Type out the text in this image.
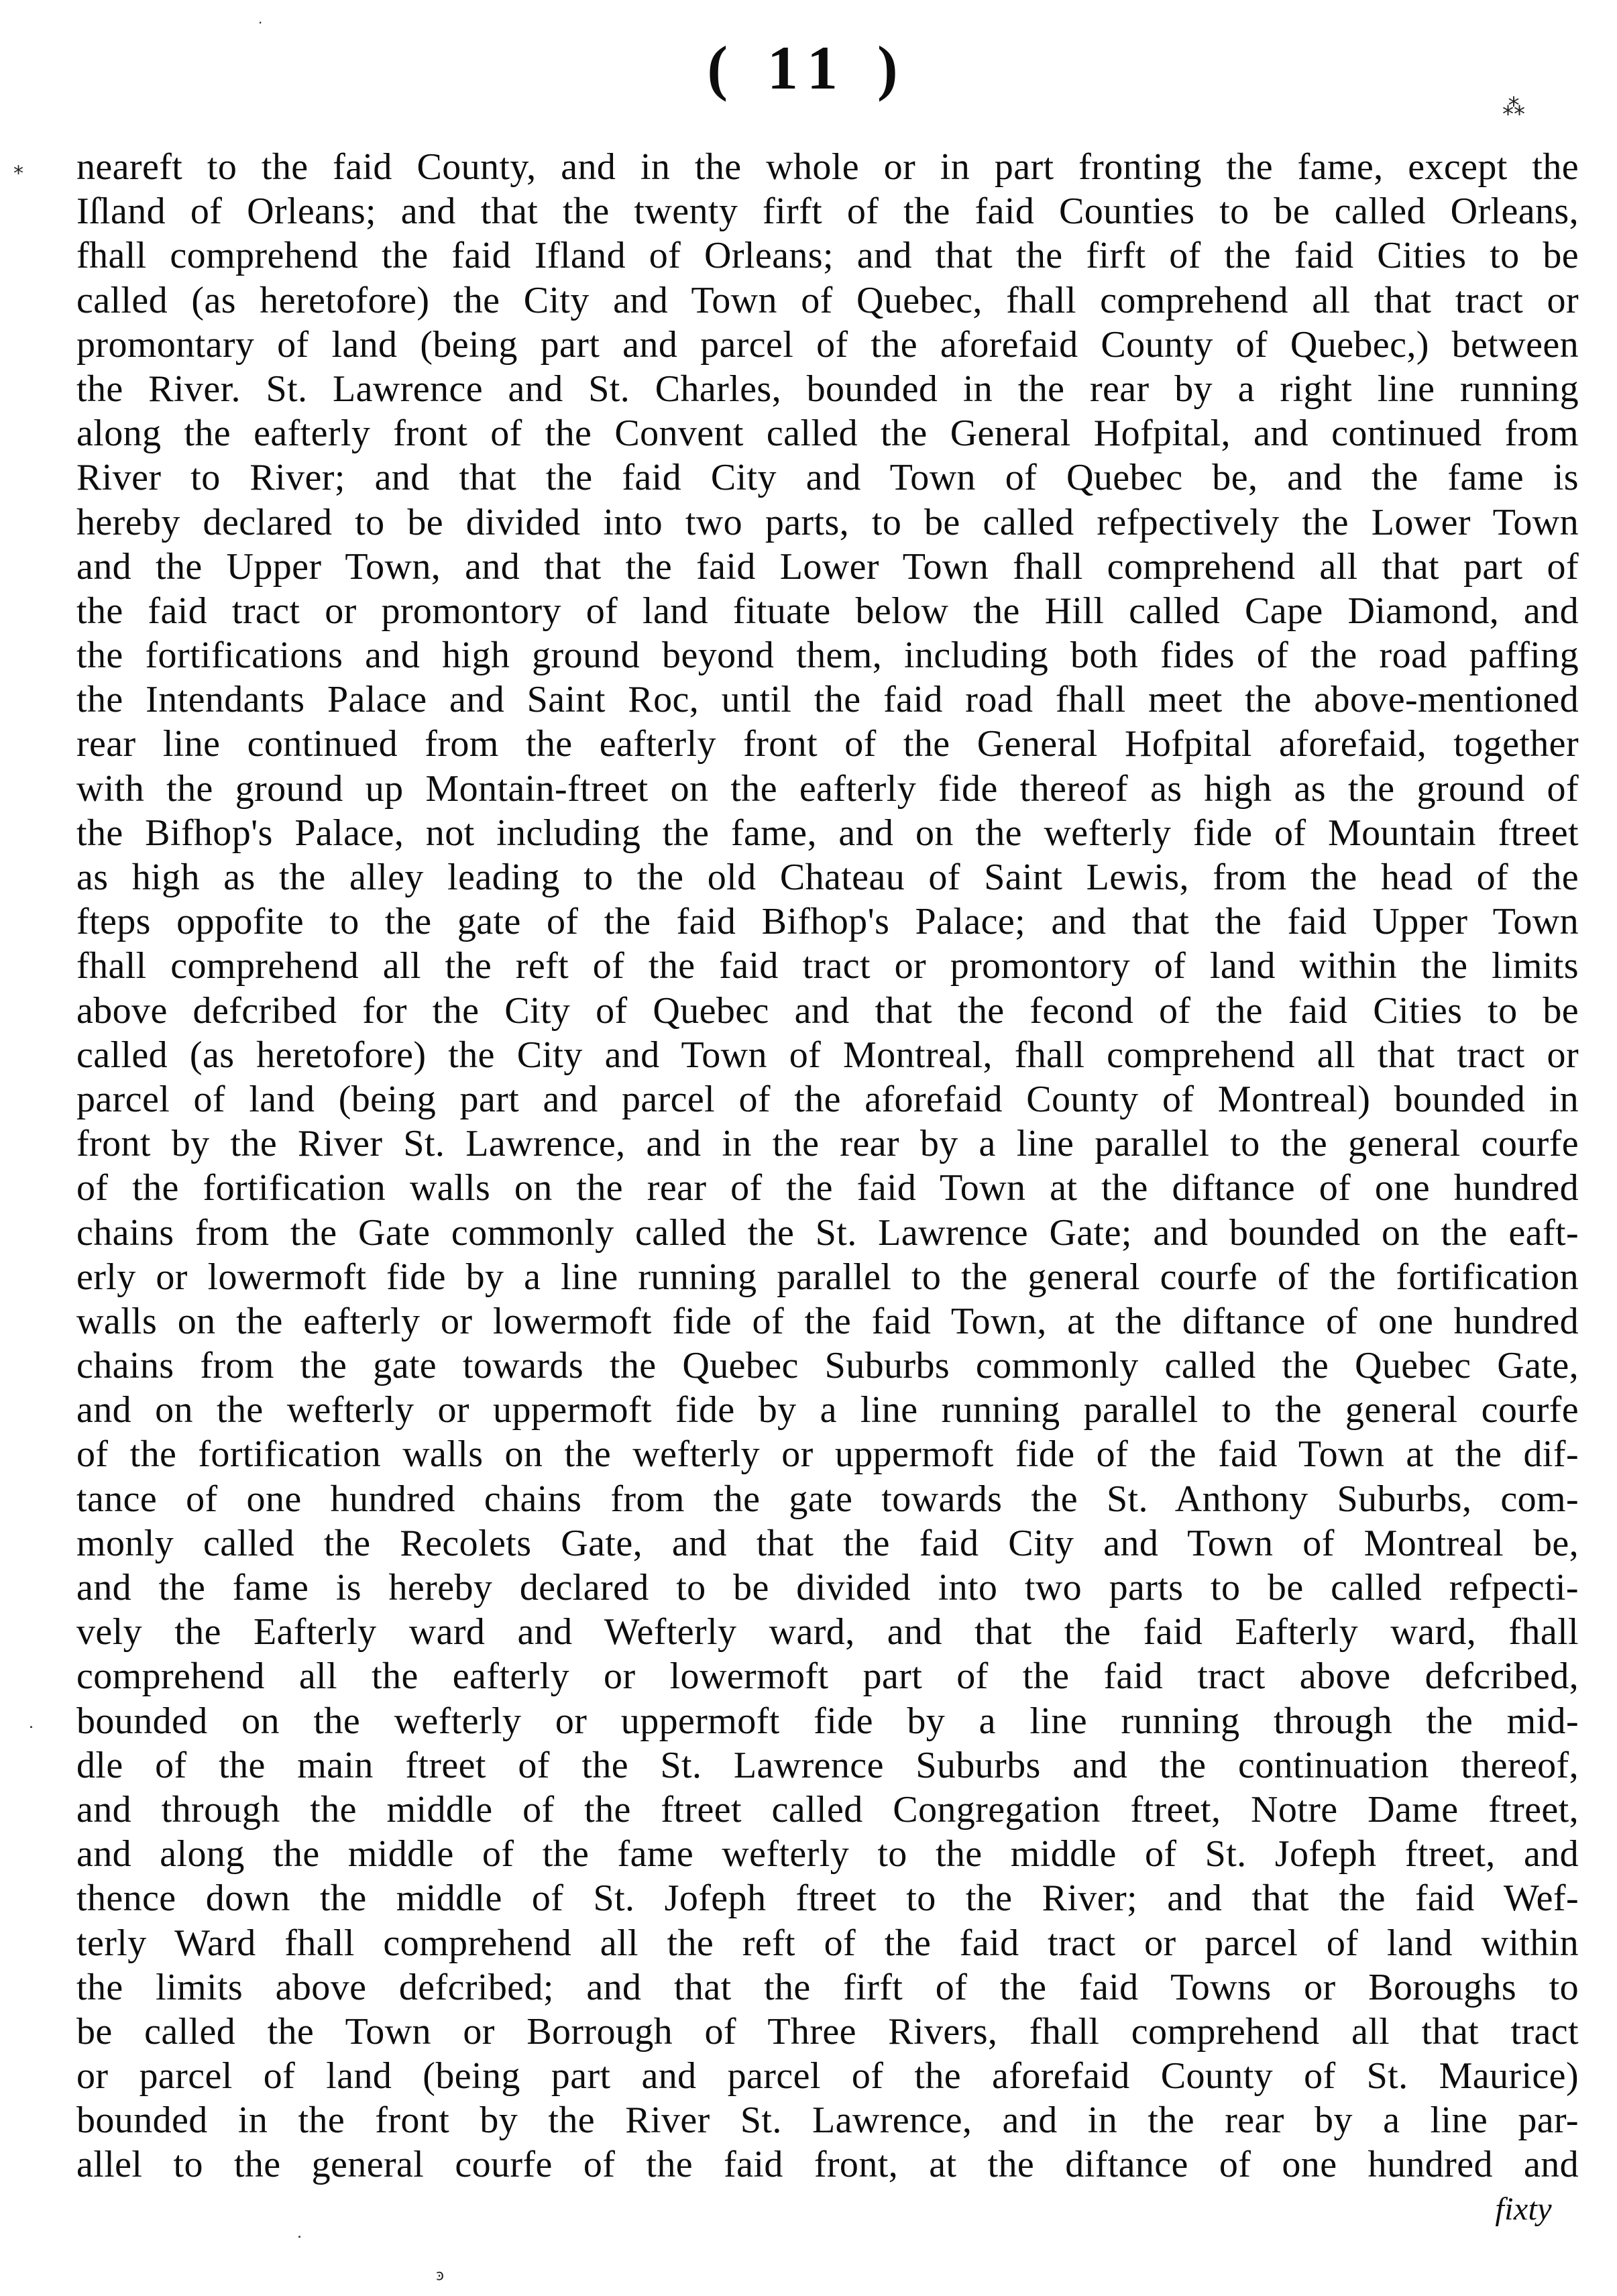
( 11 )
neareft to the faid County, and in the whole or in part fronting the fame, except the
Iſland of Orleans; and that the twenty firft of the faid Counties to be called Orleans,
fhall comprehend the faid Ifland of Orleans; and that the firft of the faid Cities to be
called (as heretofore) the City and Town of Quebec, fhall comprehend all that tract or
promontary of land (being part and parcel of the aforefaid County of Quebec,) between
the River. St. Lawrence and St. Charles, bounded in the rear by a right line running
along the eafterly front of the Convent called the General Hofpital, and continued from
River to River; and that the faid City and Town of Quebec be, and the fame is
hereby declared to be divided into two parts, to be called refpectively the Lower Town
and the Upper Town, and that the faid Lower Town fhall comprehend all that part of
the faid tract or promontory of land fituate below the Hill called Cape Diamond, and
the fortifications and high ground beyond them, including both fides of the road paffing
the Intendants Palace and Saint Roc, until the faid road fhall meet the above-mentioned
rear line continued from the eafterly front of the General Hofpital aforefaid, together
with the ground up Montain-ftreet on the eafterly fide thereof as high as the ground of
the Bifhop's Palace, not including the fame, and on the wefterly fide of Mountain ftreet
as high as the alley leading to the old Chateau of Saint Lewis, from the head of the
fteps oppofite to the gate of the faid Bifhop's Palace; and that the faid Upper Town
fhall comprehend all the reft of the faid tract or promontory of land within the limits
above defcribed for the City of Quebec and that the fecond of the faid Cities to be
called (as heretofore) the City and Town of Montreal, fhall comprehend all that tract or
parcel of land (being part and parcel of the aforefaid County of Montreal) bounded in
front by the River St. Lawrence, and in the rear by a line parallel to the general courfe
of the fortification walls on the rear of the faid Town at the diftance of one hundred
chains from the Gate commonly called the St. Lawrence Gate; and bounded on the eaft-
erly or lowermoft fide by a line running parallel to the general courfe of the fortification
walls on the eafterly or lowermoft fide of the faid Town, at the diftance of one hundred
chains from the gate towards the Quebec Suburbs commonly called the Quebec Gate,
and on the wefterly or uppermoft fide by a line running parallel to the general courfe
of the fortification walls on the wefterly or uppermoft fide of the faid Town at the dif-
tance of one hundred chains from the gate towards the St. Anthony Suburbs, com-
monly called the Recolets Gate, and that the faid City and Town of Montreal be,
and the fame is hereby declared to be divided into two parts to be called refpecti-
vely the Eafterly ward and Wefterly ward, and that the faid Eafterly ward, fhall
comprehend all the eafterly or lowermoft part of the faid tract above defcribed,
bounded on the wefterly or uppermoft fide by a line running through the mid-
dle of the main ftreet of the St. Lawrence Suburbs and the continuation thereof,
and through the middle of the ftreet called Congregation ftreet, Notre Dame ftreet,
and along the middle of the fame wefterly to the middle of St. Jofeph ftreet, and
thence down the middle of St. Jofeph ftreet to the River; and that the faid Wef-
terly Ward fhall comprehend all the reft of the faid tract or parcel of land within
the limits above defcribed; and that the firft of the faid Towns or Boroughs to
be called the Town or Borrough of Three Rivers, fhall comprehend all that tract
or parcel of land (being part and parcel of the aforefaid County of St. Maurice)
bounded in the front by the River St. Lawrence, and in the rear by a line par-
allel to the general courfe of the faid front, at the diftance of one hundred and
fixty
·
⁂
⁎
˙
˙
ͽ
